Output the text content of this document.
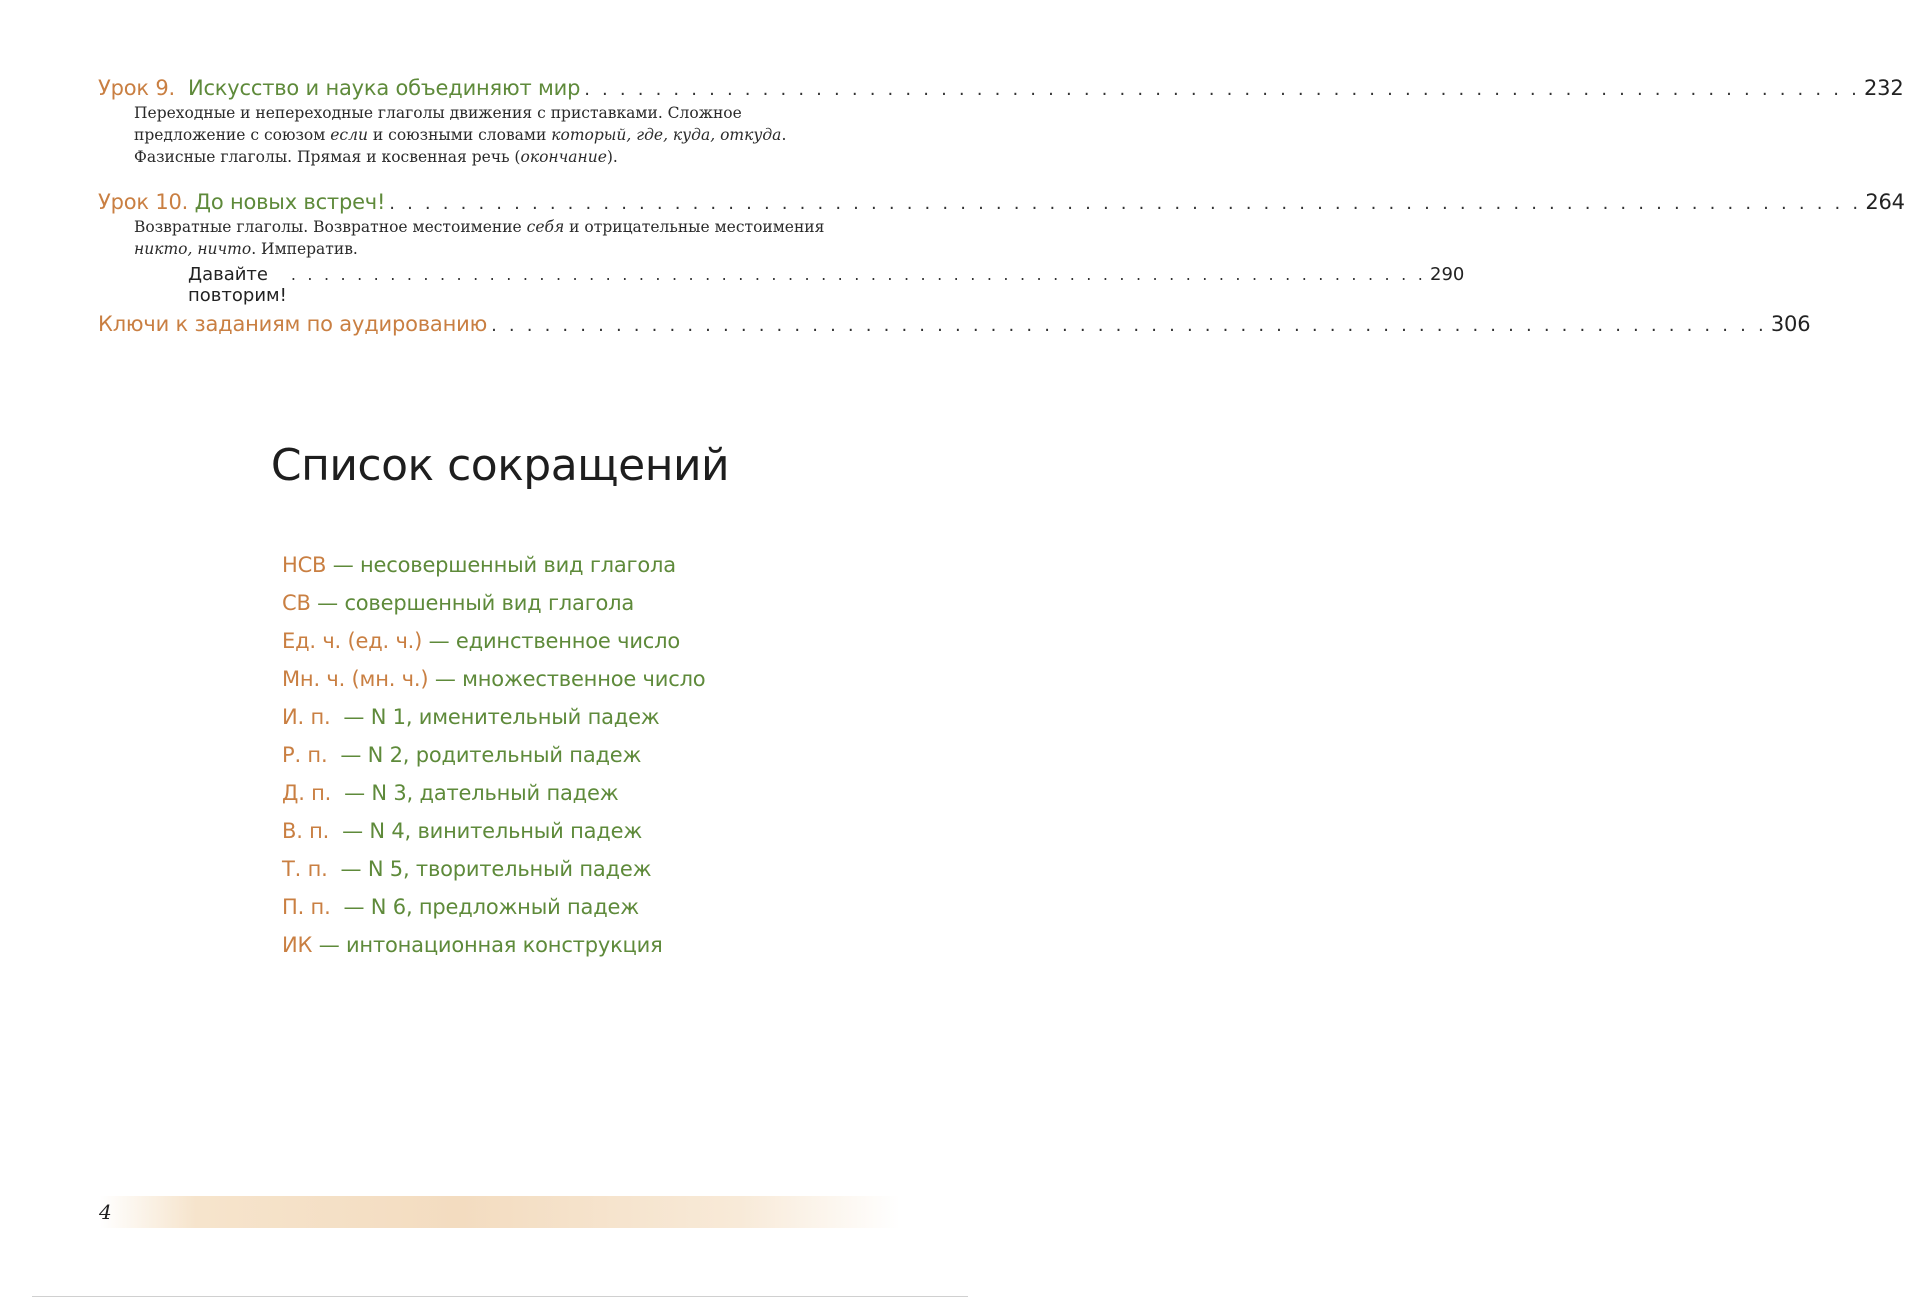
Урок 9. Искусство и наука объединяют мир . . . . . . . . . . . . . . . . . . . . . . . . . . . . . . . . . . . . . . . . . . . . . . . . . . . . . . . . . . . . . . . . . . . . . . . . 232
Переходные и непереходные глаголы движения с приставками. Сложное предложение с союзом если и союзными словами который, где, куда, откуда. Фазисные глаголы. Прямая и косвенная речь (окончание).
Урок 10. До новых встреч! . . . . . . . . . . . . . . . . . . . . . . . . . . . . . . . . . . . . . . . . . . . . . . . . . . . . . . . . . . . . . . . . . . . . . . . . . . . . . . . . . . . 264
Возвратные глаголы. Возвратное местоимение себя и отрицательные местоимения никто, ничто. Императив.
Давайте повторим!
. . . . . . . . . . . . . . . . . . . . . . . . . . . . . . . . . . . . . . . . . . . . . . . . . . . . . . . . . . . . . . . . . . . . . 290
Ключи к заданиям по аудированию . . . . . . . . . . . . . . . . . . . . . . . . . . . . . . . . . . . . . . . . . . . . . . . . . . . . . . . . . . . . . . . . . . . . . . . . 306
Список сокращений
НСВ — несовершенный вид глагола
СВ — совершенный вид глагола
Ед. ч. (ед. ч.) — единственное число
Мн. ч. (мн. ч.) — множественное число
И. п.  — N 1, именительный падеж
Р. п.  — N 2, родительный падеж
Д. п.  — N 3, дательный падеж
В. п.  — N 4, винительный падеж
Т. п.  — N 5, творительный падеж
П. п.  — N 6, предложный падеж
ИК — интонационная конструкция
4
